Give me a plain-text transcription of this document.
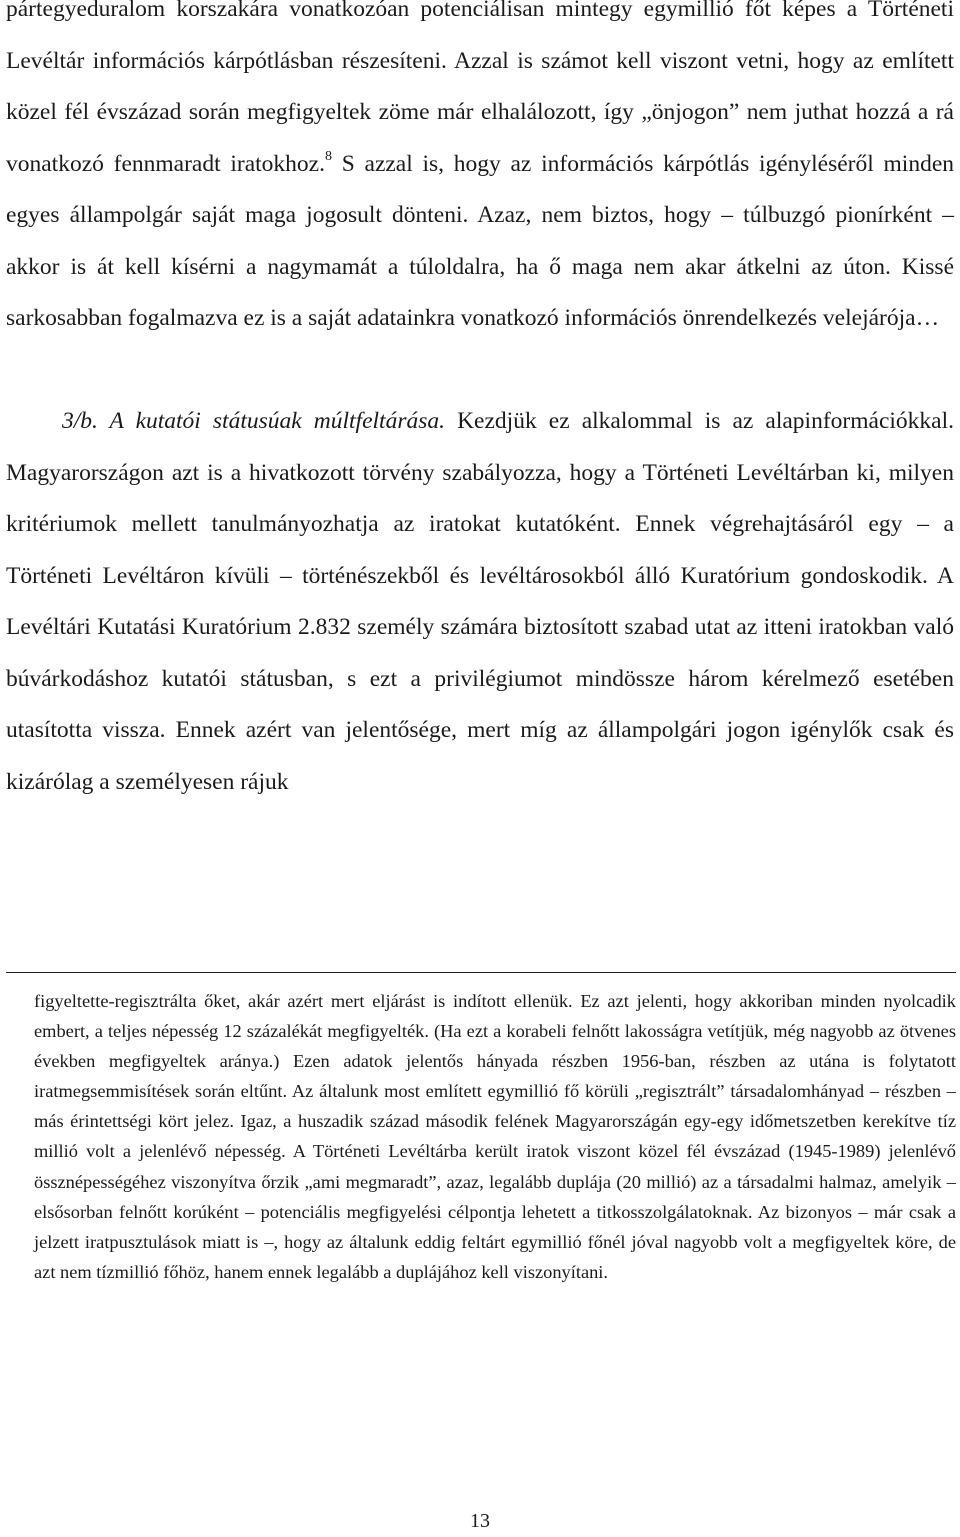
pártegyeduralom korszakára vonatkozóan potenciálisan mintegy egymillió főt képes a Történeti Levéltár információs kárpótlásban részesíteni. Azzal is számot kell viszont vetni, hogy az említett közel fél évszázad során megfigyeltek zöme már elhalálozott, így „önjogon” nem juthat hozzá a rá vonatkozó fennmaradt iratokhoz.$^8$ S azzal is, hogy az információs kárpótlás igényléséről minden egyes állampolgár saját maga jogosult dönteni. Azaz, nem biztos, hogy – túlbuzgó pionírként – akkor is át kell kísérni a nagymamát a túloldalra, ha ő maga nem akar átkelni az úton. Kissé sarkosabban fogalmazva ez is a saját adatainkra vonatkozó információs önrendelkezés velejárója…

3/b. A kutatói státusúak múltfeltárása. Kezdjük ez alkalommal is az alapinformációkkal. Magyarországon azt is a hivatkozott törvény szabályozza, hogy a Történeti Levéltárban ki, milyen kritériumok mellett tanulmányozhatja az iratokat kutatóként. Ennek végrehajtásáról egy – a Történeti Levéltáron kívüli – történészekből és levéltárosokból álló Kuratórium gondoskodik. A Levéltári Kutatási Kuratórium 2.832 személy számára biztosított szabad utat az itteni iratokban való búvárkodáshoz kutatói státusban, s ezt a privilégiumot mindössze három kérelmező esetében utasította vissza. Ennek azért van jelentősége, mert míg az állampolgári jogon igénylők csak és kizárólag a személyesen rájuk

figyeltette-regisztrálta őket, akár azért mert eljárást is indított ellenük. Ez azt jelenti, hogy akkoriban minden nyolcadik embert, a teljes népesség 12 százalékát megfigyelték. (Ha ezt a korabeli felnőtt lakosságra vetítjük, még nagyobb az ötvenes években megfigyeltek aránya.) Ezen adatok jelentős hányada részben 1956-ban, részben az utána is folytatott iratmegsemmisítések során eltűnt. Az általunk most említett egymillió fő körüli „regisztrált” társadalomhányad – részben – más érintettségi kört jelez. Igaz, a huszadik század második felének Magyarországán egy-egy időmetszetben kerekítve tíz millió volt a jelenlévő népesség. A Történeti Levéltárba került iratok viszont közel fél évszázad (1945-1989) jelenlévő össznépességéhez viszonyítva őrzik „ami megmaradt”, azaz, legalább duplája (20 millió) az a társadalmi halmaz, amelyik – elsősorban felnőtt korúként – potenciális megfigyelési célpontja lehetett a titkosszolgálatoknak. Az bizonyos – már csak a jelzett iratpusztulások miatt is –, hogy az általunk eddig feltárt egymillió főnél jóval nagyobb volt a megfigyeltek köre, de azt nem tízmillió főhöz, hanem ennek legalább a duplájához kell viszonyítani.

13
